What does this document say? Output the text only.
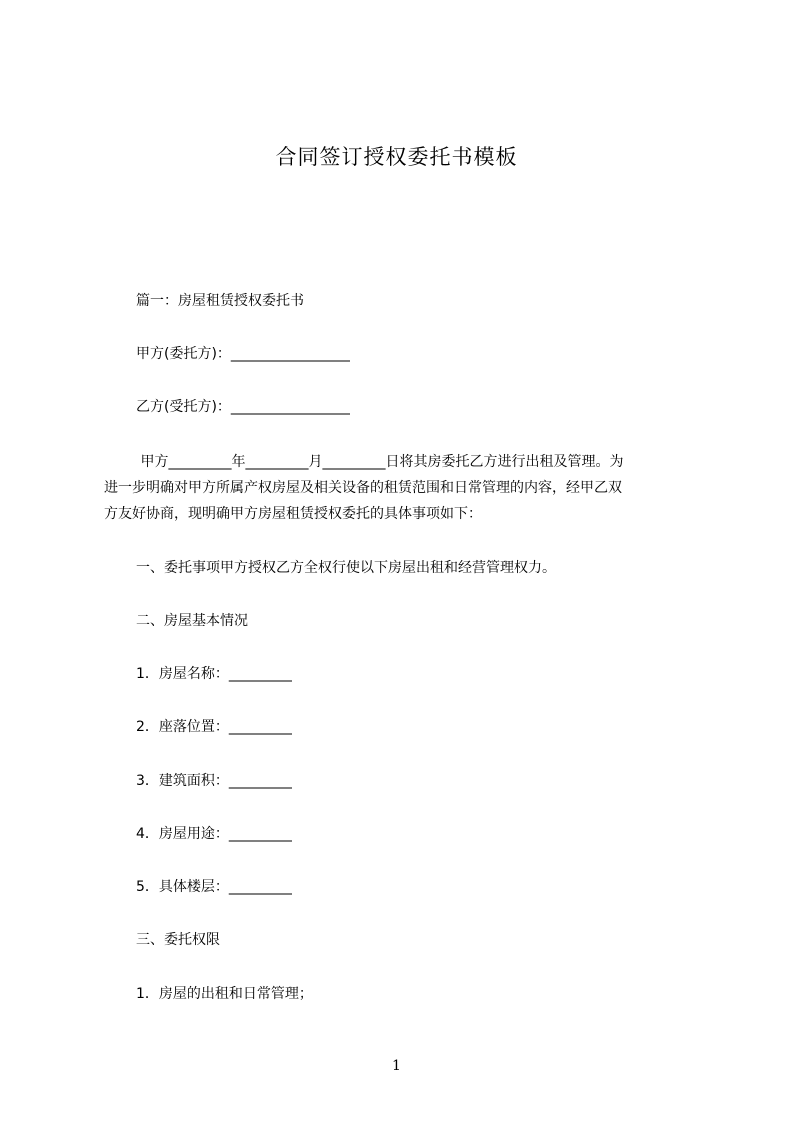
合同签订授权委托书模板
篇一：房屋租赁授权委托书
甲方(委托方)：_________________
乙方(受托方)：_________________
甲方_________年_________月_________日将其房委托乙方进行出租及管理。为
进一步明确对甲方所属产权房屋及相关设备的租赁范围和日常管理的内容，经甲乙双
方友好协商，现明确甲方房屋租赁授权委托的具体事项如下：
一、委托事项甲方授权乙方全权行使以下房屋出租和经营管理权力。
二、房屋基本情况
1．房屋名称：_________
2．座落位置：_________
3．建筑面积：_________
4．房屋用途：_________
5．具体楼层：_________
三、委托权限
1．房屋的出租和日常管理；
1
